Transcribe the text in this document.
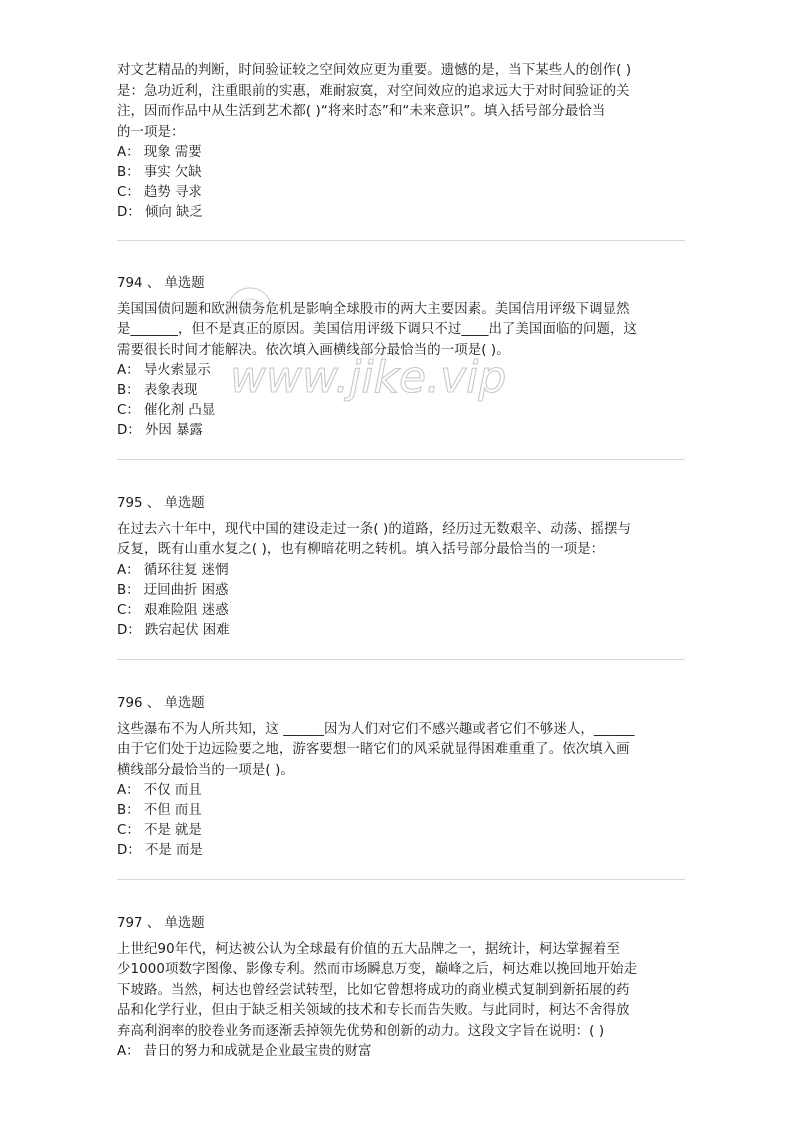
对文艺精品的判断，时间验证较之空间效应更为重要。遗憾的是，当下某些人的创作( )
是：急功近利，注重眼前的实惠，难耐寂寞，对空间效应的追求远大于对时间验证的关
注，因而作品中从生活到艺术都( )“将来时态”和“未来意识”。填入括号部分最恰当
的一项是：
A： 现象 需要
B： 事实 欠缺
C： 趋势 寻求
D： 倾向 缺乏
794 、 单选题
美国国债问题和欧洲债务危机是影响全球股市的两大主要因素。美国信用评级下调显然
是_______，但不是真正的原因。美国信用评级下调只不过____出了美国面临的问题，这
需要很长时间才能解决。依次填入画横线部分最恰当的一项是( )。
A： 导火索显示
B： 表象表现
C： 催化剂 凸显
D： 外因 暴露
795 、 单选题
在过去六十年中，现代中国的建设走过一条( )的道路，经历过无数艰辛、动荡、摇摆与
反复，既有山重水复之( )，也有柳暗花明之转机。填入括号部分最恰当的一项是：
A： 循环往复 迷惘
B： 迂回曲折 困惑
C： 艰难险阻 迷惑
D： 跌宕起伏 困难
796 、 单选题
这些瀑布不为人所共知，这 ______因为人们对它们不感兴趣或者它们不够迷人，______
由于它们处于边远险要之地，游客要想一睹它们的风采就显得困难重重了。依次填入画
横线部分最恰当的一项是( )。
A： 不仅 而且
B： 不但 而且
C： 不是 就是
D： 不是 而是
797 、 单选题
上世纪90年代，柯达被公认为全球最有价值的五大品牌之一，据统计，柯达掌握着至
少1000项数字图像、影像专利。然而市场瞬息万变，巅峰之后，柯达难以挽回地开始走
下坡路。当然，柯达也曾经尝试转型，比如它曾想将成功的商业模式复制到新拓展的药
品和化学行业，但由于缺乏相关领域的技术和专长而告失败。与此同时，柯达不舍得放
弃高利润率的胶卷业务而逐渐丢掉领先优势和创新的动力。这段文字旨在说明：( )
A： 昔日的努力和成就是企业最宝贵的财富
www.jike.vip
